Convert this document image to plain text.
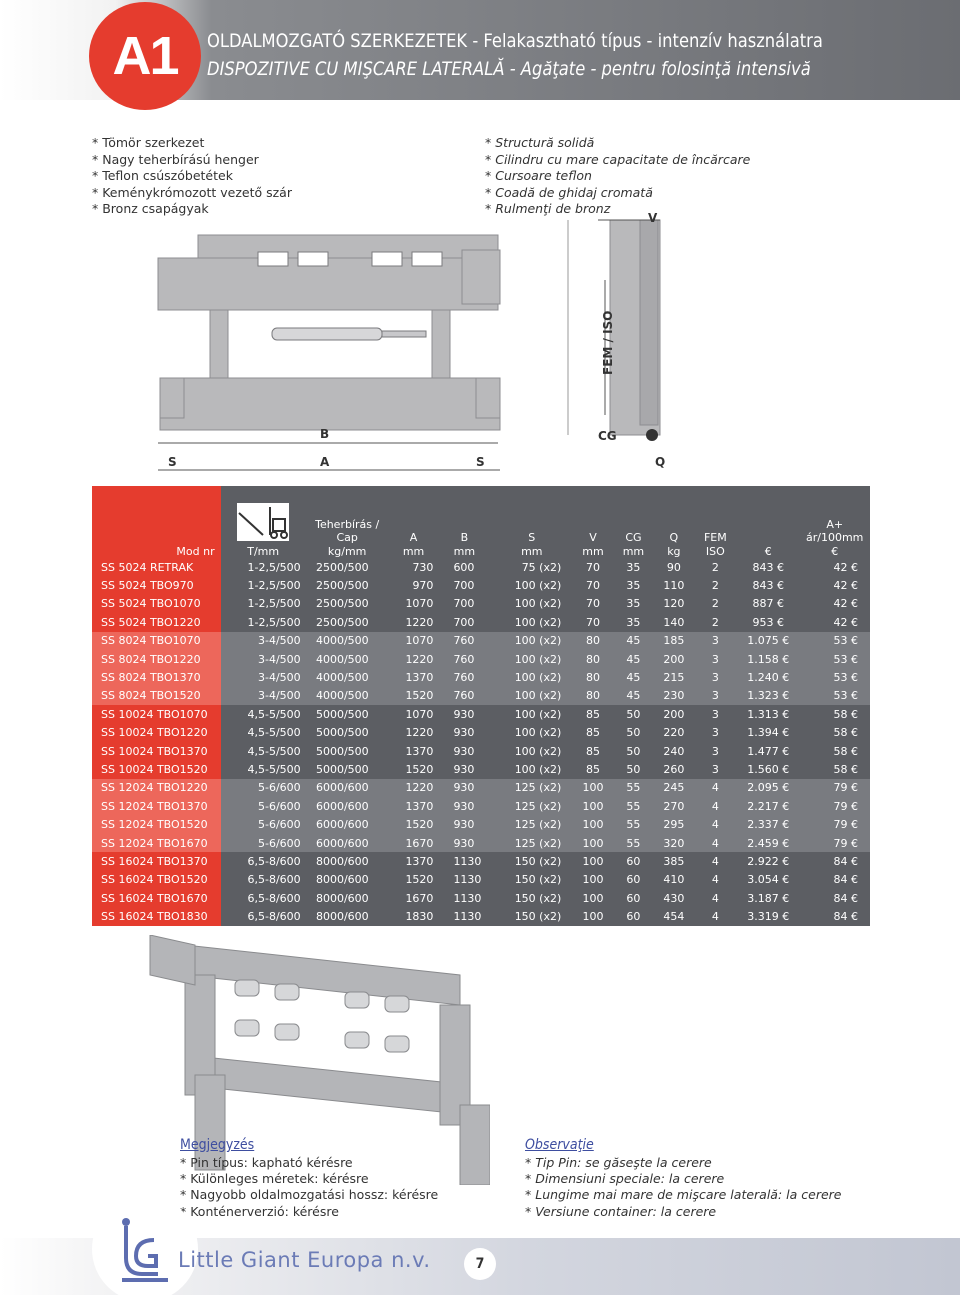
A1	OLDALMOZGATÓ SZERKEZETEK - Felakasztható típus - intenzív használatra
DISPOZITIVE CU MIŞCARE LATERALĂ - Agăţate - pentru folosinţă intensivă
* Tömör szerkezet
* Nagy teherbírású henger
* Teflon csúszóbetétek
* Keménykrómozott vezető szár
* Bronz csapágyak
* Structură solidă
* Cilindru cu mare capacitate de încărcare
* Cursoare teflon
* Coadă de ghidaj cromată
* Rulmenţi de bronz
B
A
S	S
V
CG
Q
FEM / ISO
Mod nr	T/mm	Teherbírás /
Cap
kg/mm	A
mm	B
mm	S
mm	V
mm	CG
mm	Q
kg	FEM
ISO	€	A+
ár/100mm
€
SS 5024 RETRAK	1-2,5/500	2500/500	730	600	75 (x2)	70	35	90	2	843 €	42 €
SS 5024 TBO970	1-2,5/500	2500/500	970	700	100 (x2)	70	35	110	2	843 €	42 €
SS 5024 TBO1070	1-2,5/500	2500/500	1070	700	100 (x2)	70	35	120	2	887 €	42 €
SS 5024 TBO1220	1-2,5/500	2500/500	1220	700	100 (x2)	70	35	140	2	953 €	42 €
SS 8024 TBO1070	3-4/500	4000/500	1070	760	100 (x2)	80	45	185	3	1.075 €	53 €
SS 8024 TBO1220	3-4/500	4000/500	1220	760	100 (x2)	80	45	200	3	1.158 €	53 €
SS 8024 TBO1370	3-4/500	4000/500	1370	760	100 (x2)	80	45	215	3	1.240 €	53 €
SS 8024 TBO1520	3-4/500	4000/500	1520	760	100 (x2)	80	45	230	3	1.323 €	53 €
SS 10024 TBO1070	4,5-5/500	5000/500	1070	930	100 (x2)	85	50	200	3	1.313 €	58 €
SS 10024 TBO1220	4,5-5/500	5000/500	1220	930	100 (x2)	85	50	220	3	1.394 €	58 €
SS 10024 TBO1370	4,5-5/500	5000/500	1370	930	100 (x2)	85	50	240	3	1.477 €	58 €
SS 10024 TBO1520	4,5-5/500	5000/500	1520	930	100 (x2)	85	50	260	3	1.560 €	58 €
SS 12024 TBO1220	5-6/600	6000/600	1220	930	125 (x2)	100	55	245	4	2.095 €	79 €
SS 12024 TBO1370	5-6/600	6000/600	1370	930	125 (x2)	100	55	270	4	2.217 €	79 €
SS 12024 TBO1520	5-6/600	6000/600	1520	930	125 (x2)	100	55	295	4	2.337 €	79 €
SS 12024 TBO1670	5-6/600	6000/600	1670	930	125 (x2)	100	55	320	4	2.459 €	79 €
SS 16024 TBO1370	6,5-8/600	8000/600	1370	1130	150 (x2)	100	60	385	4	2.922 €	84 €
SS 16024 TBO1520	6,5-8/600	8000/600	1520	1130	150 (x2)	100	60	410	4	3.054 €	84 €
SS 16024 TBO1670	6,5-8/600	8000/600	1670	1130	150 (x2)	100	60	430	4	3.187 €	84 €
SS 16024 TBO1830	6,5-8/600	8000/600	1830	1130	150 (x2)	100	60	454	4	3.319 €	84 €
Megjegyzés
* Pin típus: kapható kérésre
* Különleges méretek: kérésre
* Nagyobb oldalmozgatási hossz: kérésre
* Konténerverzió: kérésre
Observaţie
* Tip Pin: se găseşte la cerere
* Dimensiuni speciale: la cerere
* Lungime mai mare de mişcare laterală: la cerere
* Versiune container: la cerere
Little Giant Europa n.v.	7
